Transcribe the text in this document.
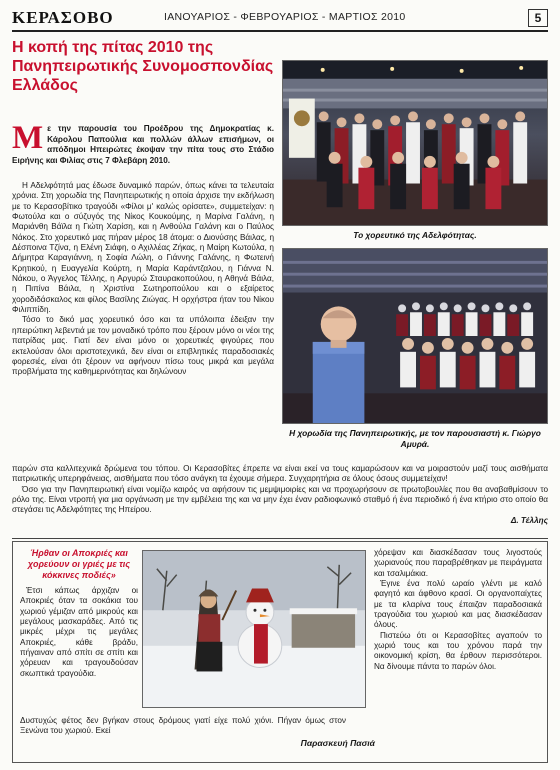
ΚΕΡΑΣΟΒΟ	ΙΑΝΟΥΑΡΙΟΣ - ΦΕΒΡΟΥΑΡΙΟΣ - ΜΑΡΤΙΟΣ 2010	5
Η κοπή της πίτας 2010 της Πανηπειρωτικής Συνομοσπονδίας Ελλάδος
Με την παρουσία του Προέδρου της Δημοκρατίας κ. Κάρολου Παπούλια και πολλών άλλων επισήμων, οι απόδημοι Ηπειρώτες έκοψαν την πίτα τους στο Στάδιο Ειρήνης και Φιλίας στις 7 Φλεβάρη 2010.

Η Αδελφότητά μας έδωσε δυναμικό παρών, όπως κάνει τα τελευταία χρόνια. Στη χορωδία της Πανηπειρωτικής η οποία άρχισε την εκδήλωση με το Κερασοβίτικο τραγούδι «Φίλοι μ' καλώς ορίσατε», συμμετείχαν: η Φωτούλα και ο σύζυγός της Νίκος Κουκούμης, η Μαρίνα Γαλάνη, η Μαριάνθη Βάϊλα η Γιώτη Χαρίση, και η Ανθούλα Γαλάνη και ο Παύλος Νάκος. Στο χορευτικό μας πήραν μέρος 18 άτομα: ο Διονύσης Βάιλας, η Δέσποινα Τζίνα, η Ελένη Σιάφη, ο Αχιλλέας Ζήκας, η Μαίρη Κωτούλα, η Δήμητρα Καραγιάννη, η Σοφία Λώλη, ο Γιάννης Γαλάνης, η Φωτεινή Κρητικού, η Ευαγγελία Κούρτη, η Μαρία Καράντζαλου, η Γιάννα Ν. Νάκου, ο Άγγελος Τέλλης, η Αργυρώ Σταυρακοπούλου, η Αθηνά Βάιλα, η Πιπίνα Βάιλα, η Χριστίνα Σωτηροπούλου και ο εξαίρετος χοροδιδάσκαλος και φίλος Βασίλης Ζιώγας. Η ορχήστρα ήταν του Νίκου Φιλιππίδη.

Τόσο το δικό μας χορευτικό όσο και τα υπόλοιπα έδειξαν την ηπειρώτικη λεβεντιά με τον μοναδικό τρόπο που ξέρουν μόνο οι νέοι της πατρίδας μας. Γιατί δεν είναι μόνο οι χορευτικές φιγούρες που εκτελούσαν όλοι αριστοτεχνικά, δεν είναι οι επιβλητικές παραδοσιακές φορεσιές, είναι ότι ξέρουν να αφήνουν πίσω τους μικρά και μεγάλα προβλήματα της καθημερινότητας και δηλώνουν

Το χορευτικό της Αδελφότητας.
Η χορωδία της Πανηπειρωτικής, με τον παρουσιαστή κ. Γιώργο Αμυρά.

παρών στα καλλιτεχνικά δρώμενα του τόπου. Οι Κερασοβίτες έπρεπε να είναι εκεί να τους καμαρώσουν και να μοιραστούν μαζί τους αισθήματα πατριωτικής υπερηφάνειας, αισθήματα που τόσο ανάγκη τα έχουμε σήμερα. Συγχαρητήρια σε όλους όσους συμμετείχαν!

Όσο για την Πανηπειρωτική είναι νομίζω καιρός να αφήσουν τις μεμψιμοιρίες και να προχωρήσουν σε πρωτοβουλίες που θα αναβαθμίσουν το ρόλο της. Είναι ντροπή για μια οργάνωση με την εμβέλεια της και να μην έχει έναν ραδιοφωνικό σταθμό ή ένα περιοδικό ή ένα κτήριο στο οποίο θα στεγάσει τις Αδελφότητες της Ηπείρου.

Δ. Τέλλης

Ήρθαν οι Αποκριές και χορεύουν οι γριές με τις κόκκινες ποδιές»

Έτσι κάπως άρχιζαν οι Αποκριές όταν τα σοκάκια του χωριού γέμιζαν από μικρούς και μεγάλους μασκαράδες. Από τις μικρές μέχρι τις μεγάλες Αποκριές, κάθε βράδυ, πήγαιναν από σπίτι σε σπίτι και χόρευαν και τραγουδούσαν σκωπτικά τραγούδια.

χόρεψαν και διασκέδασαν τους λιγοστούς χωριανούς που παραβρέθηκαν με πειράγματα και τσαλιμάκια.

Έγινε ένα πολύ ωραίο γλέντι με καλό φαγητό και άφθονο κρασί. Οι οργανοπαίχτες με τα κλαρίνα τους έπαιζαν παραδοσιακά τραγούδια του χωριού και μας διασκέδασαν όλους.

Πιστεύω ότι οι Κερασοβίτες αγαπούν το χωριό τους και του χρόνου παρά την οικονομική κρίση, θα έρθουν περισσότεροι. Να δίνουμε πάντα το παρών όλοι.

Δυστυχώς φέτος δεν βγήκαν στους δρόμους γιατί είχε πολύ χιόνι. Πήγαν όμως στον Ξενώνα του χωριού. Εκεί
Παρασκευή Πασιά
